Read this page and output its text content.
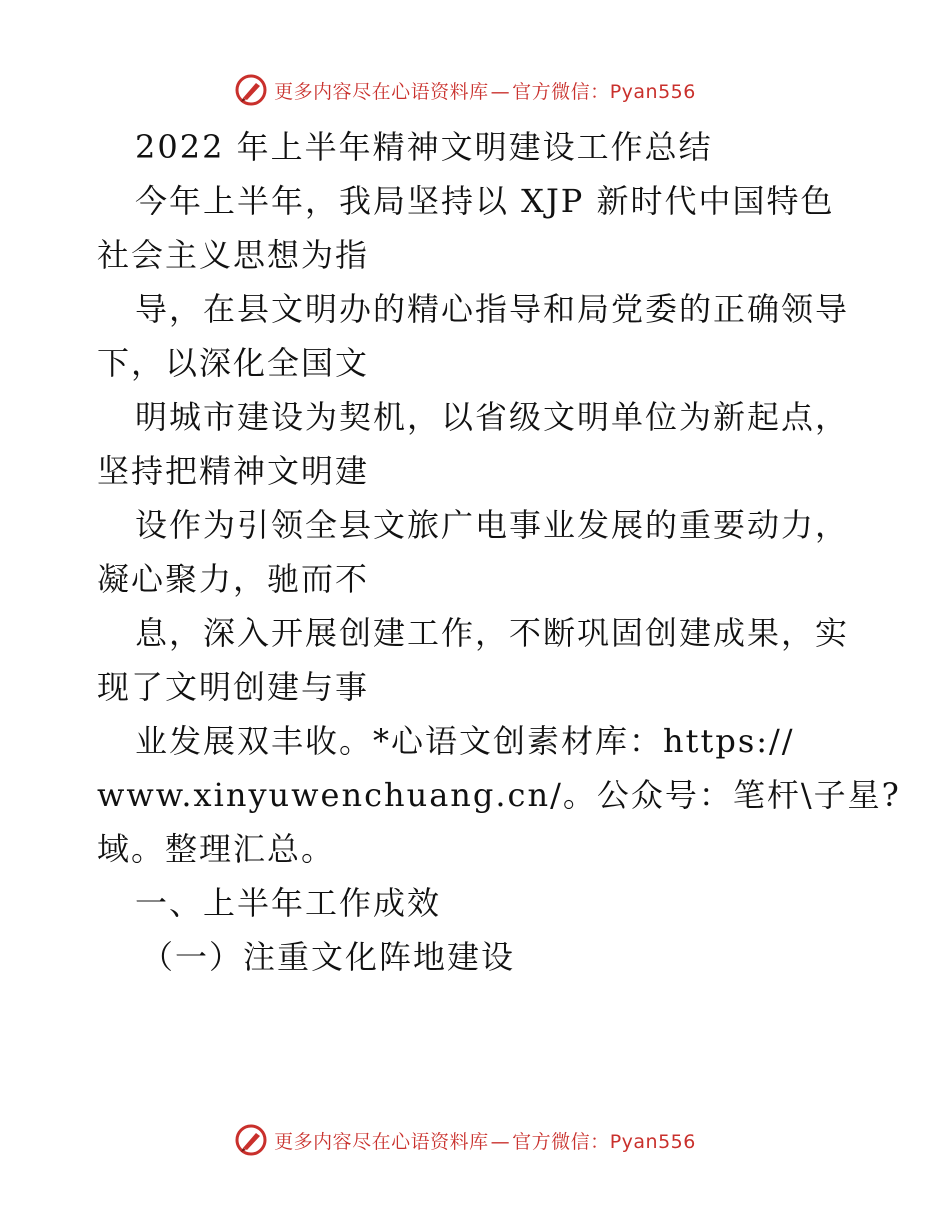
更多内容尽在心语资料库 — 官方微信：Pyan556
2022 年上半年精神文明建设工作总结
今年上半年，我局坚持以 XJP 新时代中国特色
社会主义思想为指
导，在县文明办的精心指导和局党委的正确领导
下，以深化全国文
明城市建设为契机，以省级文明单位为新起点，
坚持把精神文明建
设作为引领全县文旅广电事业发展的重要动力，
凝心聚力，驰而不
息，深入开展创建工作，不断巩固创建成果，实
现了文明创建与事
业发展双丰收。*心语文创素材库：https://
www.xinyuwenchuang.cn/。公众号：笔杆\子星?
域。整理汇总。
一、上半年工作成效
（一）注重文化阵地建设
更多内容尽在心语资料库 — 官方微信：Pyan556
